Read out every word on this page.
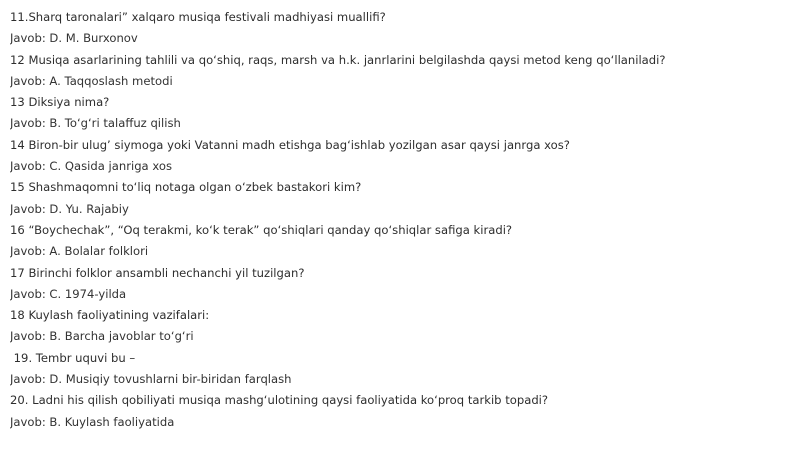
11.Sharq taronalari” xalqaro musiqa festivali madhiyasi muallifi?
Javob: D. M. Burxonov
12 Musiqa asarlarining tahlili va qo‘shiq, raqs, marsh va h.k. janrlarini belgilashda qaysi metod keng qo‘llaniladi?
Javob: A. Taqqoslash metodi
13 Diksiya nima?
Javob: B. To‘g‘ri talaffuz qilish
14 Biron-bir ulug’ siymoga yoki Vatanni madh etishga bag‘ishlab yozilgan asar qaysi janrga xos?
Javob: C. Qasida janriga xos
15 Shashmaqomni to‘liq notaga olgan o‘zbek bastakori kim?
Javob: D. Yu. Rajabiy
16 “Boychechak”, “Oq terakmi, ko‘k terak” qo‘shiqlari qanday qo‘shiqlar safiga kiradi?
Javob: A. Bolalar folklori
17 Birinchi folklor ansambli nechanchi yil tuzilgan?
Javob: C. 1974-yilda
18 Kuylash faoliyatining vazifalari:
Javob: B. Barcha javoblar to‘g‘ri
19. Tembr uquvi bu –
Javob: D. Musiqiy tovushlarni bir-biridan farqlash
20. Ladni his qilish qobiliyati musiqa mashg‘ulotining qaysi faoliyatida ko‘proq tarkib topadi?
Javob: B. Kuylash faoliyatida
